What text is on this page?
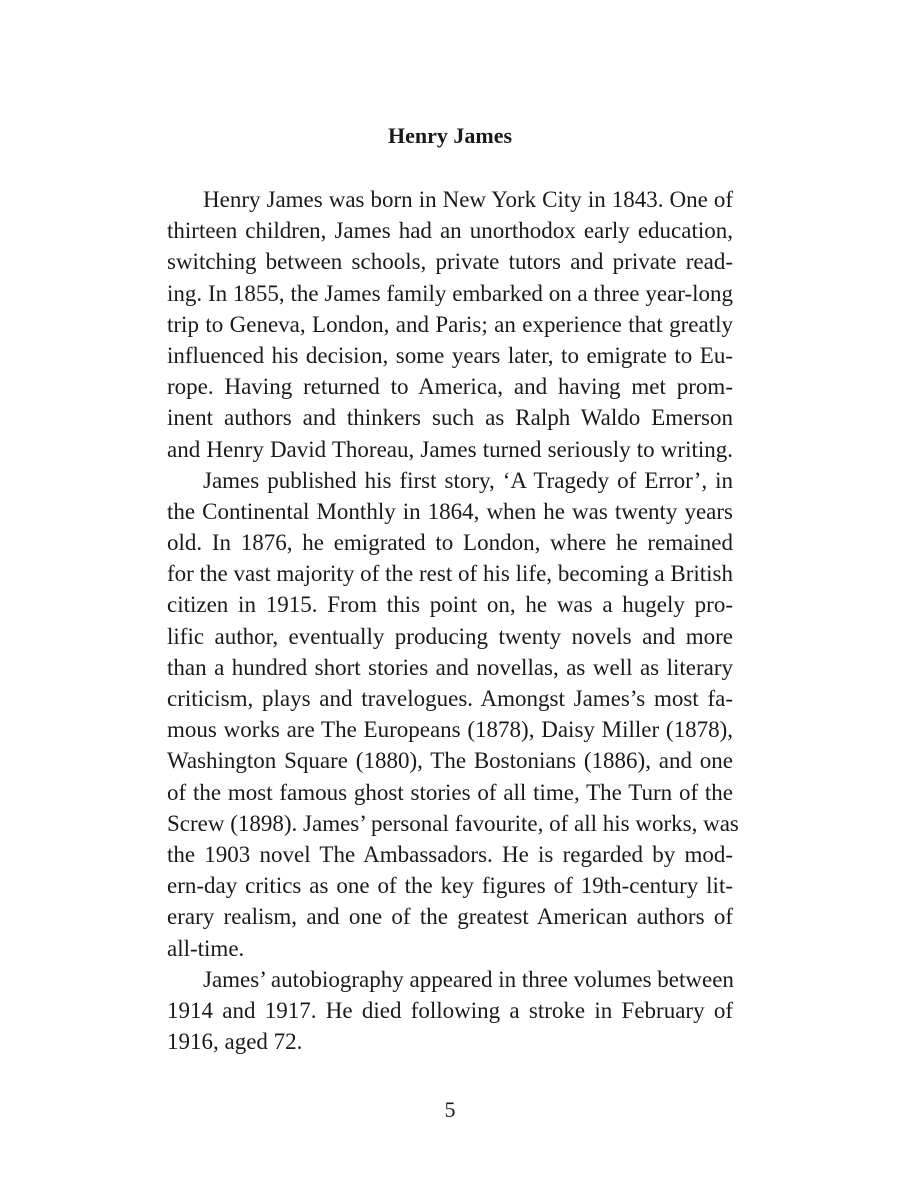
Henry James
Henry James was born in New York City in 1843. One of
thirteen children, James had an unorthodox early education,
switching between schools, private tutors and private read-
ing. In 1855, the James family embarked on a three year-long
trip to Geneva, London, and Paris; an experience that greatly
influenced his decision, some years later, to emigrate to Eu-
rope. Having returned to America, and having met prom-
inent authors and thinkers such as Ralph Waldo Emerson
and Henry David Thoreau, James turned seriously to writing.
James published his first story, ‘A Tragedy of Error’, in
the Continental Monthly in 1864, when he was twenty years
old. In 1876, he emigrated to London, where he remained
for the vast majority of the rest of his life, becoming a British
citizen in 1915. From this point on, he was a hugely pro-
lific author, eventually producing twenty novels and more
than a hundred short stories and novellas, as well as literary
criticism, plays and travelogues. Amongst James’s most fa-
mous works are The Europeans (1878), Daisy Miller (1878),
Washington Square (1880), The Bostonians (1886), and one
of the most famous ghost stories of all time, The Turn of the
Screw (1898). James’ personal favourite, of all his works, was
the 1903 novel The Ambassadors. He is regarded by mod-
ern-day critics as one of the key figures of 19th-century lit-
erary realism, and one of the greatest American authors of
all-time.
James’ autobiography appeared in three volumes between
1914 and 1917. He died following a stroke in February of
1916, aged 72.
5
